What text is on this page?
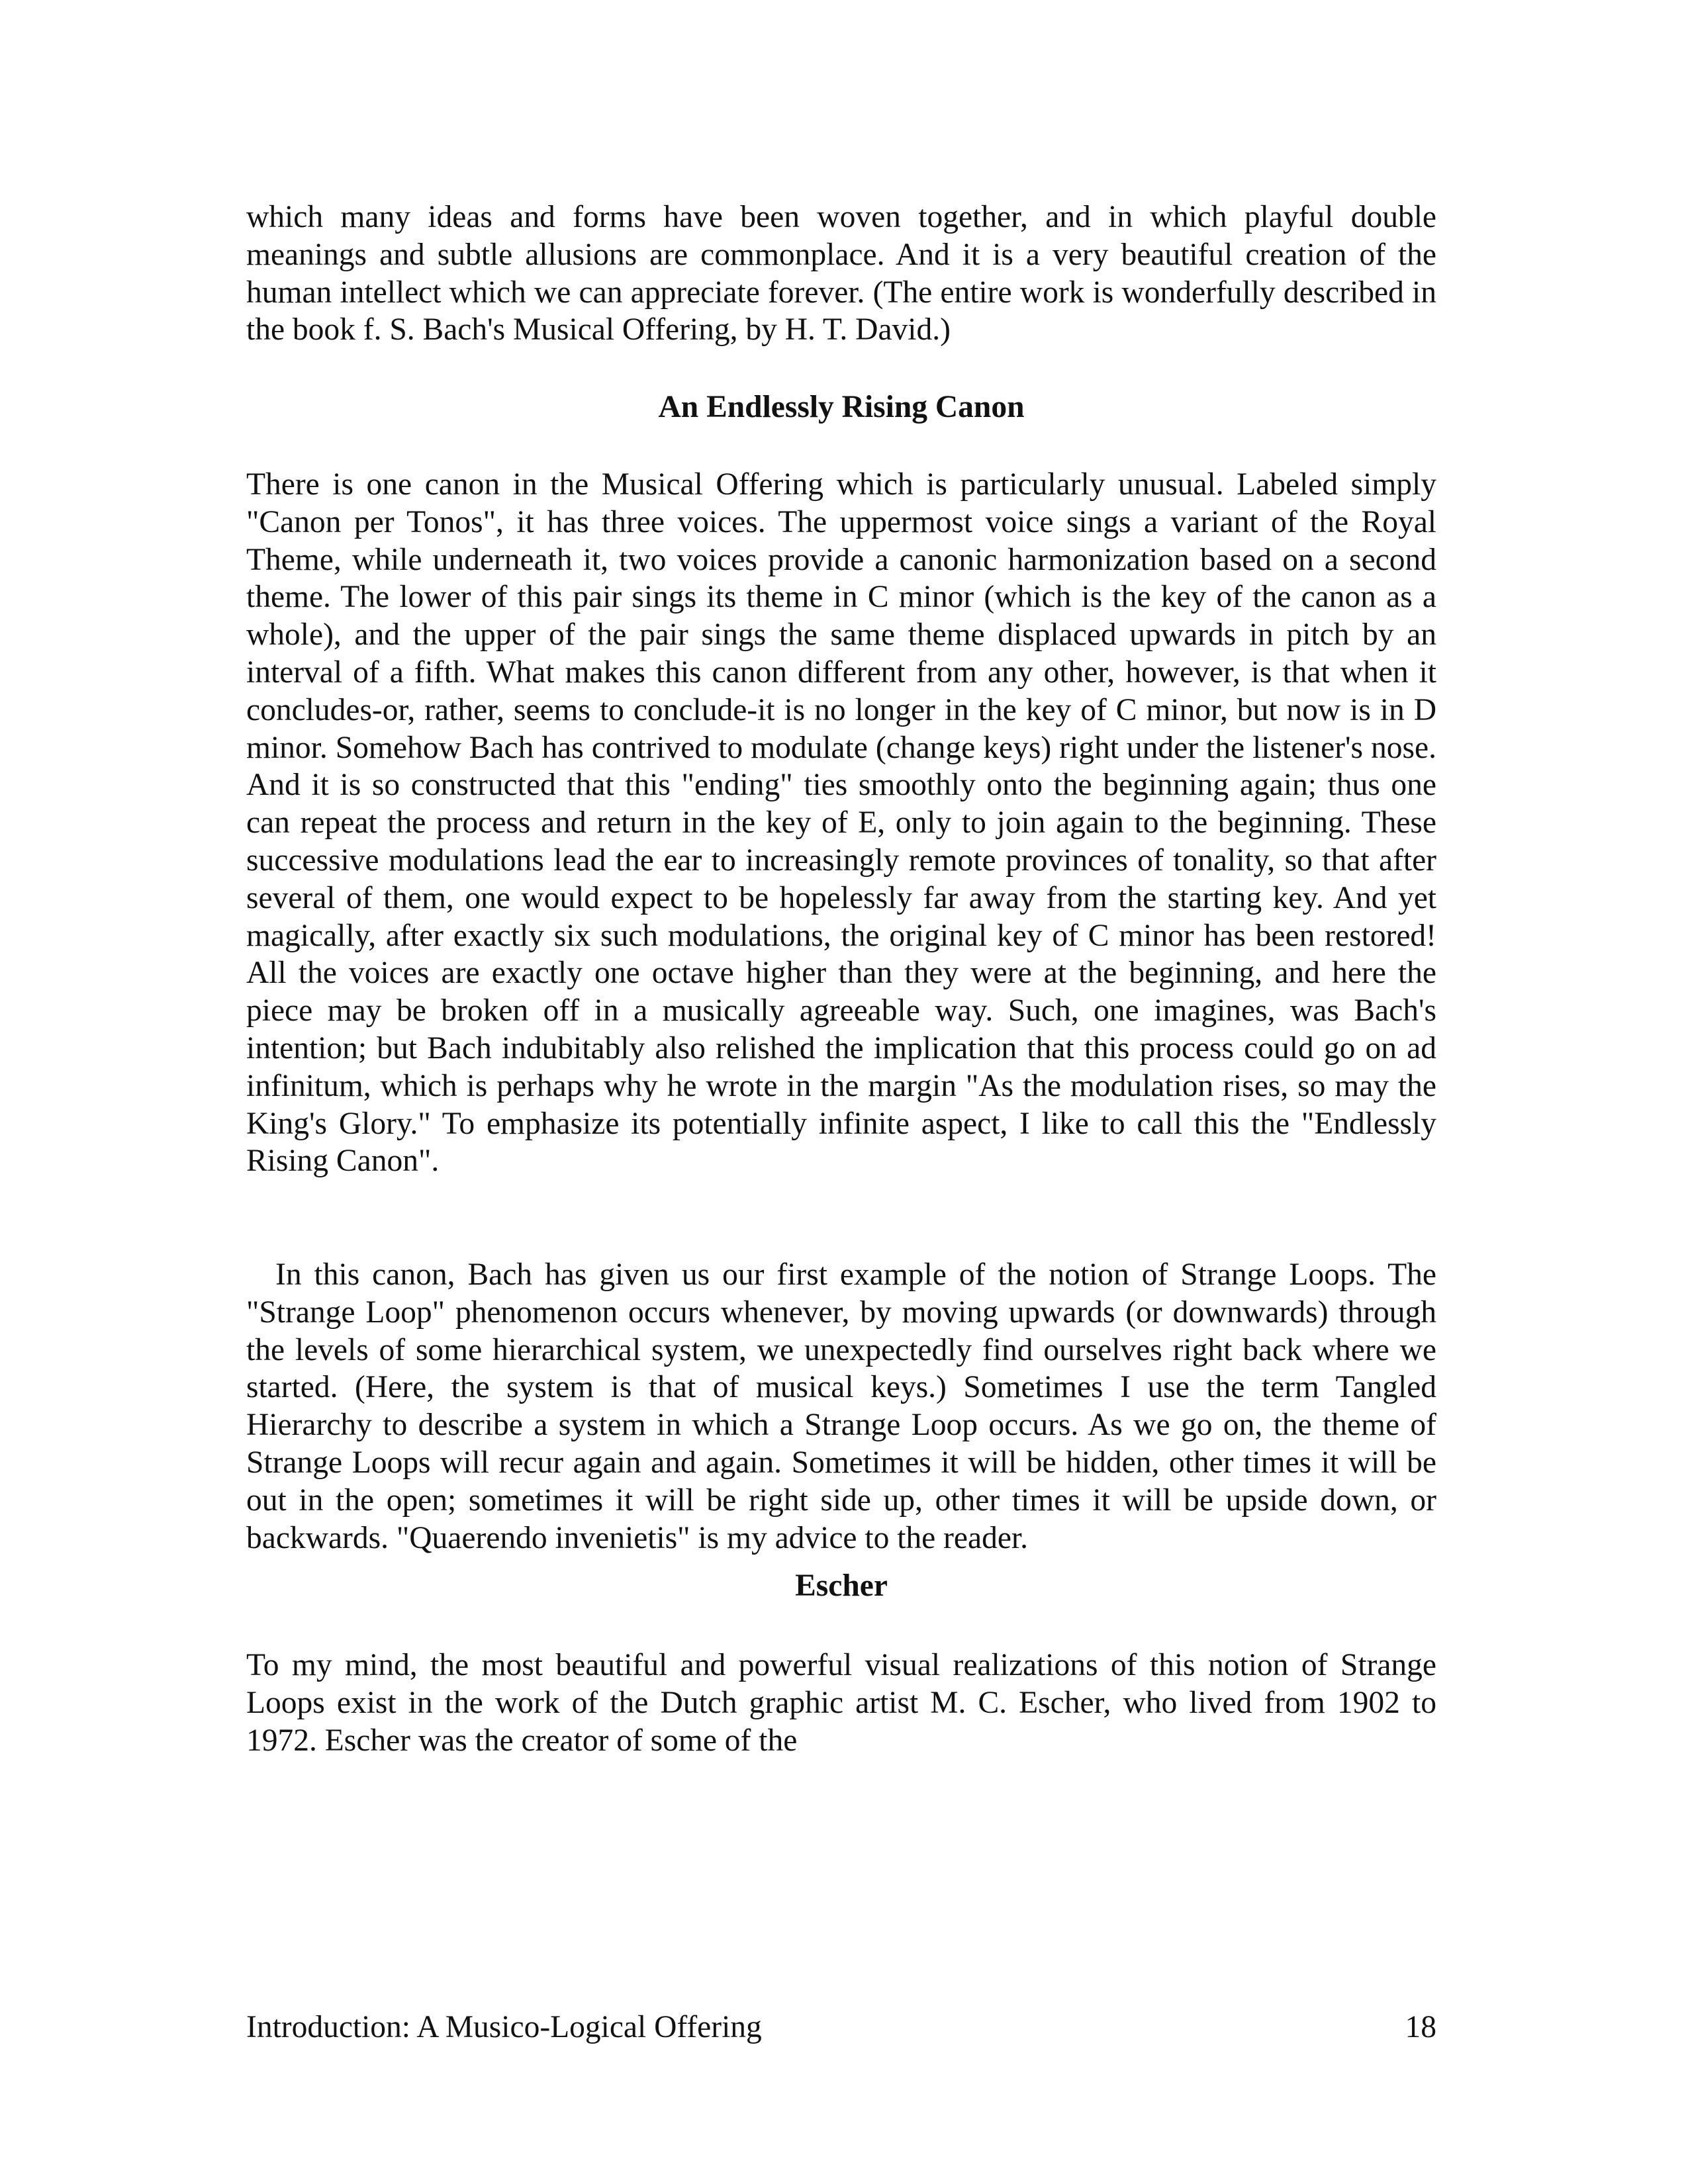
which many ideas and forms have been woven together, and in which playful double meanings and subtle allusions are commonplace. And it is a very beautiful creation of the human intellect which we can appreciate forever. (The entire work is wonderfully described in the book f. S. Bach's Musical Offering, by H. T. David.)

An Endlessly Rising Canon

There is one canon in the Musical Offering which is particularly unusual. Labeled simply "Canon per Tonos", it has three voices. The uppermost voice sings a variant of the Royal Theme, while underneath it, two voices provide a canonic harmonization based on a second theme. The lower of this pair sings its theme in C minor (which is the key of the canon as a whole), and the upper of the pair sings the same theme displaced upwards in pitch by an interval of a fifth. What makes this canon different from any other, however, is that when it concludes-or, rather, seems to conclude-it is no longer in the key of C minor, but now is in D minor. Somehow Bach has contrived to modulate (change keys) right under the listener's nose. And it is so constructed that this "ending" ties smoothly onto the beginning again; thus one can repeat the process and return in the key of E, only to join again to the beginning. These successive modulations lead the ear to increasingly remote provinces of tonality, so that after several of them, one would expect to be hopelessly far away from the starting key. And yet magically, after exactly six such modulations, the original key of C minor has been restored! All the voices are exactly one octave higher than they were at the beginning, and here the piece may be broken off in a musically agreeable way. Such, one imagines, was Bach's intention; but Bach indubitably also relished the implication that this process could go on ad infinitum, which is perhaps why he wrote in the margin "As the modulation rises, so may the King's Glory." To emphasize its potentially infinite aspect, I like to call this the "Endlessly Rising Canon".

In this canon, Bach has given us our first example of the notion of Strange Loops. The "Strange Loop" phenomenon occurs whenever, by moving upwards (or downwards) through the levels of some hierarchical system, we unexpectedly find ourselves right back where we started. (Here, the system is that of musical keys.) Sometimes I use the term Tangled Hierarchy to describe a system in which a Strange Loop occurs. As we go on, the theme of Strange Loops will recur again and again. Sometimes it will be hidden, other times it will be out in the open; sometimes it will be right side up, other times it will be upside down, or backwards. "Quaerendo invenietis" is my advice to the reader.

Escher

To my mind, the most beautiful and powerful visual realizations of this notion of Strange Loops exist in the work of the Dutch graphic artist M. C. Escher, who lived from 1902 to 1972. Escher was the creator of some of the

Introduction: A Musico-Logical Offering	18
